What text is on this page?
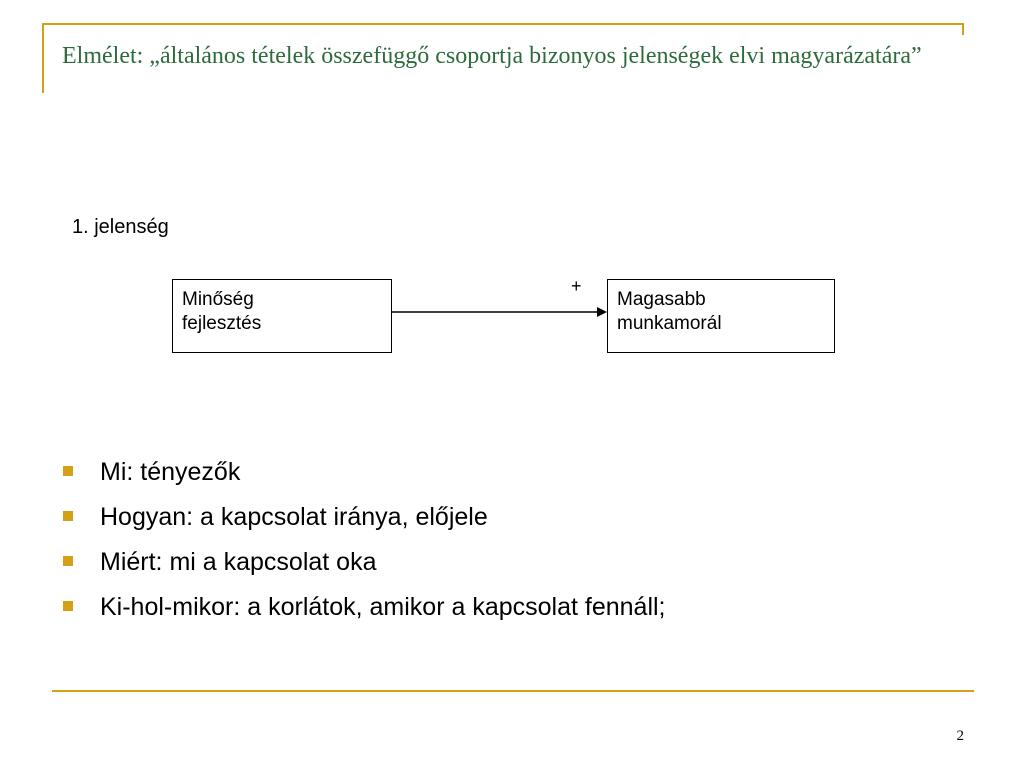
Elmélet: „általános tételek összefüggő csoportja bizonyos jelenségek elvi magyarázatára”
1. jelenség
Minőség
fejlesztés
+
Magasabb
munkamorál
Mi: tényezők
Hogyan: a kapcsolat iránya, előjele
Miért: mi a kapcsolat oka
Ki-hol-mikor: a korlátok, amikor a kapcsolat fennáll;
2
